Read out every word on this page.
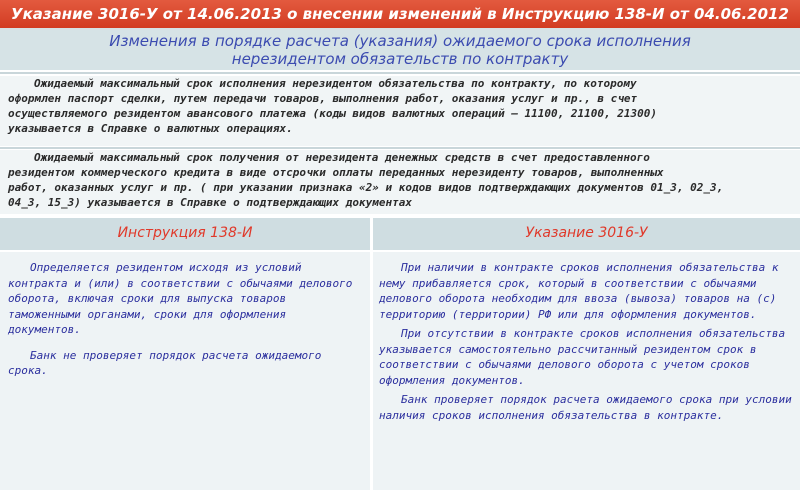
Указание 3016-У от 14.06.2013 о внесении изменений в Инструкцию 138-И от 04.06.2012
Изменения в порядке расчета (указания) ожидаемого срока исполнения
нерезидентом обязательств по контракту
Ожидаемый максимальный срок исполнения нерезидентом обязательства по контракту, по которому
оформлен паспорт сделки, путем передачи товаров, выполнения работ, оказания услуг и пр., в счет
осуществляемого резидентом авансового платежа (коды видов валютных операций – 11100, 21100, 21300)
указывается в Справке о валютных операциях.
Ожидаемый максимальный срок получения от нерезидента денежных средств в счет предоставленного
резидентом коммерческого кредита в виде отсрочки оплаты переданных нерезиденту товаров, выполненных
работ, оказанных услуг и пр. ( при указании признака «2» и кодов видов подтверждающих документов 01_3, 02_3,
04_3, 15_3) указывается в Справке о подтверждающих документах
Инструкция 138-И	Указание 3016-У

Определяется резидентом исходя из условий контракта и (или) в соответствии с обычаями делового оборота, включая сроки для выпуска товаров таможенными органами, сроки для оформления документов.

Банк не проверяет порядок расчета ожидаемого срока.

При наличии в контракте сроков исполнения обязательства к нему прибавляется срок, который в соответствии с обычаями делового оборота необходим для ввоза (вывоза) товаров на (с) территорию (территории) РФ или для оформления документов.

При отсутствии в контракте сроков исполнения обязательства указывается самостоятельно рассчитанный резидентом срок в соответствии с обычаями делового оборота с учетом сроков оформления документов.

Банк проверяет порядок расчета ожидаемого срока при условии наличия сроков исполнения обязательства в контракте.
